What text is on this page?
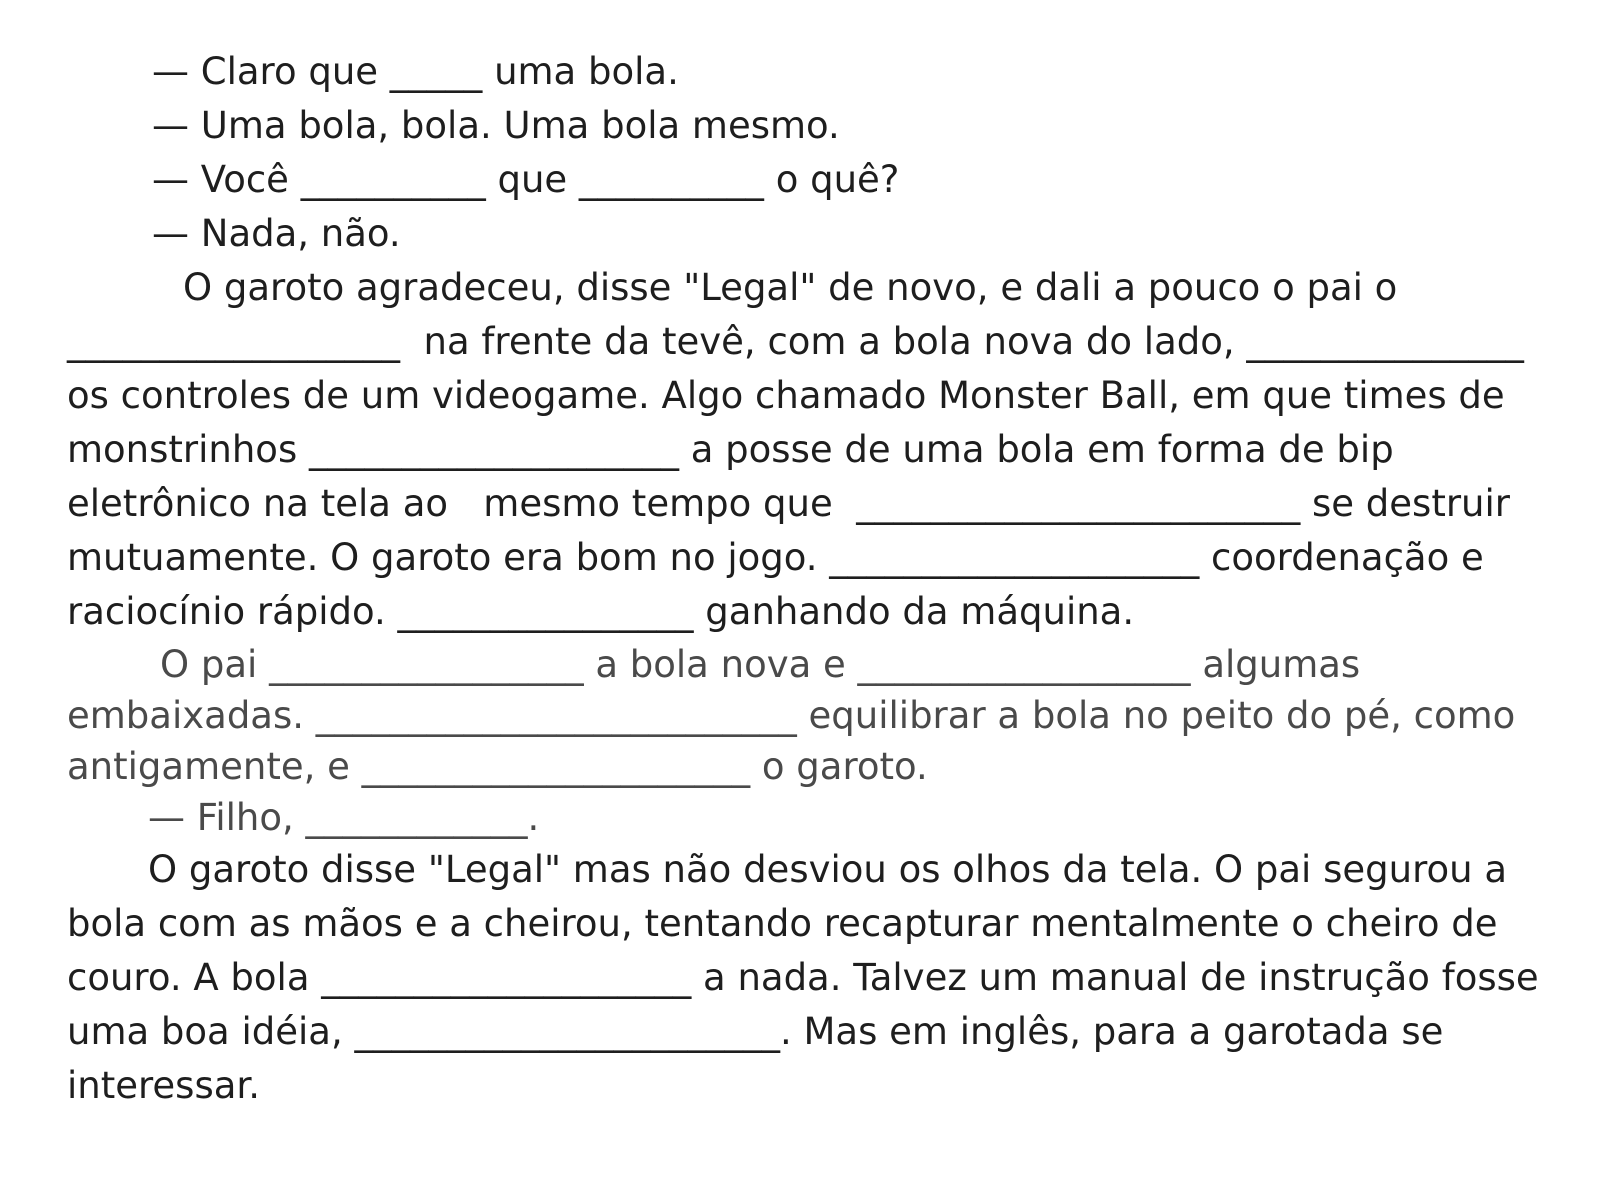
— Claro que _____ uma bola.
— Uma bola, bola. Uma bola mesmo.
— Você __________ que __________ o quê?
— Nada, não.
O garoto agradeceu, disse "Legal" de novo, e dali a pouco o pai o
__________________  na frente da tevê, com a bola nova do lado, _______________
os controles de um videogame. Algo chamado Monster Ball, em que times de
monstrinhos ____________________ a posse de uma bola em forma de bip
eletrônico na tela ao   mesmo tempo que  ________________________ se destruir
mutuamente. O garoto era bom no jogo. ____________________ coordenação e
raciocínio rápido. ________________ ganhando da máquina.
O pai _________________ a bola nova e __________________ algumas
embaixadas. __________________________ equilibrar a bola no peito do pé, como
antigamente, e _____________________ o garoto.
— Filho, ____________.
O garoto disse "Legal" mas não desviou os olhos da tela. O pai segurou a
bola com as mãos e a cheirou, tentando recapturar mentalmente o cheiro de
couro. A bola ____________________ a nada. Talvez um manual de instrução fosse
uma boa idéia, _______________________. Mas em inglês, para a garotada se
interessar.
